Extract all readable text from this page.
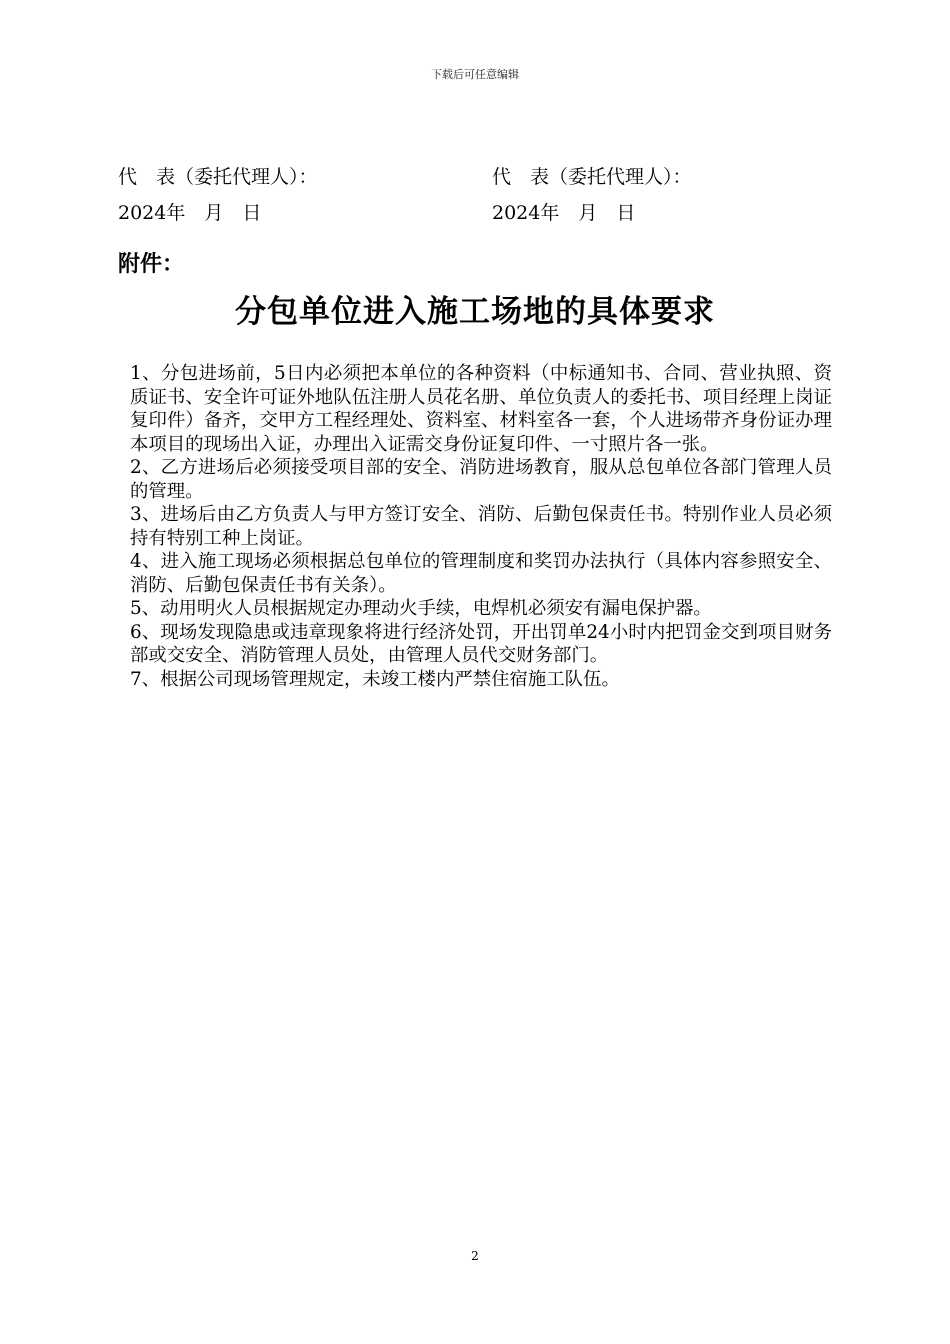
下载后可任意编辑
代　表（委托代理人）：	代　表（委托代理人）：
2024年　月　日	2024年　月　日
附件：
分包单位进入施工场地的具体要求

1、分包进场前，5日内必须把本单位的各种资料（中标通知书、合同、营业执照、资质证书、安全许可证外地队伍注册人员花名册、单位负责人的委托书、项目经理上岗证复印件）备齐，交甲方工程经理处、资料室、材料室各一套，个人进场带齐身份证办理本项目的现场出入证，办理出入证需交身份证复印件、一寸照片各一张。

2、乙方进场后必须接受项目部的安全、消防进场教育，服从总包单位各部门管理人员的管理。

3、进场后由乙方负责人与甲方签订安全、消防、后勤包保责任书。特别作业人员必须持有特别工种上岗证。

4、进入施工现场必须根据总包单位的管理制度和奖罚办法执行（具体内容参照安全、消防、后勤包保责任书有关条）。

5、动用明火人员根据规定办理动火手续，电焊机必须安有漏电保护器。

6、现场发现隐患或违章现象将进行经济处罚，开出罚单24小时内把罚金交到项目财务部或交安全、消防管理人员处，由管理人员代交财务部门。

7、根据公司现场管理规定，未竣工楼内严禁住宿施工队伍。

2
